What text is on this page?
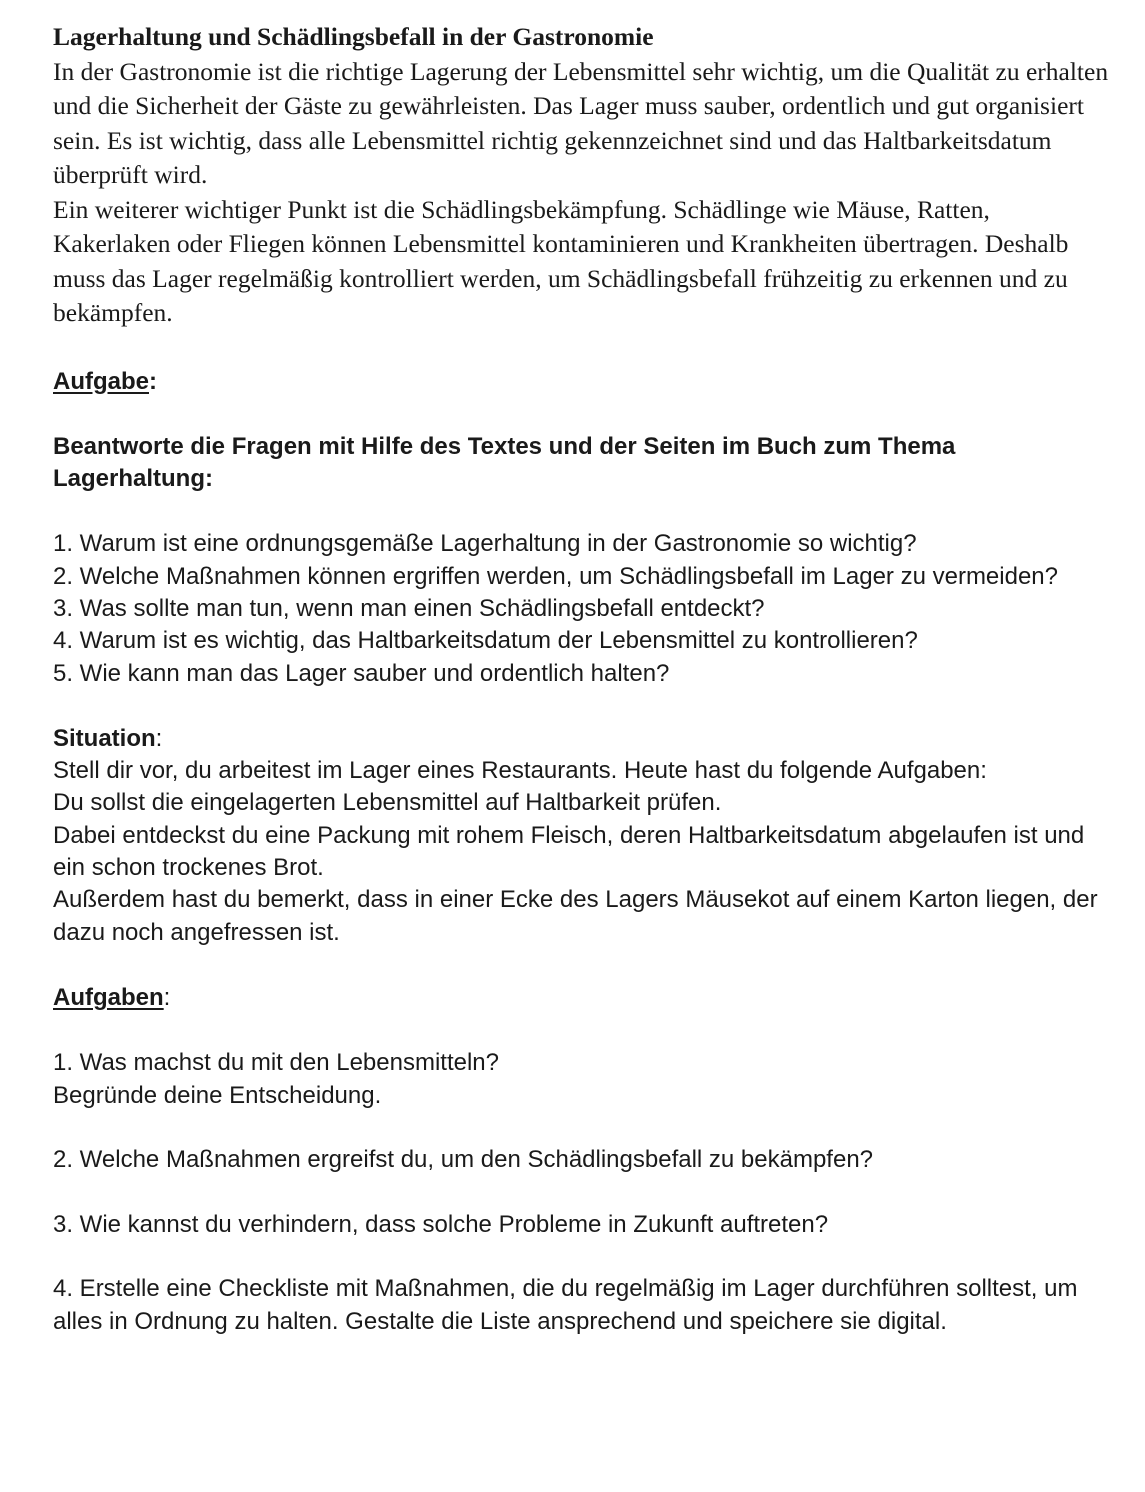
Lagerhaltung und Schädlingsbefall in der Gastronomie

In der Gastronomie ist die richtige Lagerung der Lebensmittel sehr wichtig, um die Qualität zu erhalten und die Sicherheit der Gäste zu gewährleisten. Das Lager muss sauber, ordentlich und gut organisiert sein. Es ist wichtig, dass alle Lebensmittel richtig gekennzeichnet sind und das Haltbarkeitsdatum überprüft wird.

Ein weiterer wichtiger Punkt ist die Schädlingsbekämpfung. Schädlinge wie Mäuse, Ratten, Kakerlaken oder Fliegen können Lebensmittel kontaminieren und Krankheiten übertragen. Deshalb muss das Lager regelmäßig kontrolliert werden, um Schädlingsbefall frühzeitig zu erkennen und zu bekämpfen.

Aufgabe:
Beantworte die Fragen mit Hilfe des Textes und der Seiten im Buch zum Thema Lagerhaltung:

1. Warum ist eine ordnungsgemäße Lagerhaltung in der Gastronomie so wichtig?

2. Welche Maßnahmen können ergriffen werden, um Schädlingsbefall im Lager zu vermeiden?

3. Was sollte man tun, wenn man einen Schädlingsbefall entdeckt?

4. Warum ist es wichtig, das Haltbarkeitsdatum der Lebensmittel zu kontrollieren?

5. Wie kann man das Lager sauber und ordentlich halten?

Situation:

Stell dir vor, du arbeitest im Lager eines Restaurants. Heute hast du folgende Aufgaben:

Du sollst die eingelagerten Lebensmittel auf Haltbarkeit prüfen.

Dabei entdeckst du eine Packung mit rohem Fleisch, deren Haltbarkeitsdatum abgelaufen ist und ein schon trockenes Brot.

Außerdem hast du bemerkt, dass in einer Ecke des Lagers Mäusekot auf einem Karton liegen, der dazu noch angefressen ist.

Aufgaben:

1. Was machst du mit den Lebensmitteln?

Begründe deine Entscheidung.

2. Welche Maßnahmen ergreifst du, um den Schädlingsbefall zu bekämpfen?

3. Wie kannst du verhindern, dass solche Probleme in Zukunft auftreten?

4. Erstelle eine Checkliste mit Maßnahmen, die du regelmäßig im Lager durchführen solltest, um alles in Ordnung zu halten. Gestalte die Liste ansprechend und speichere sie digital.
